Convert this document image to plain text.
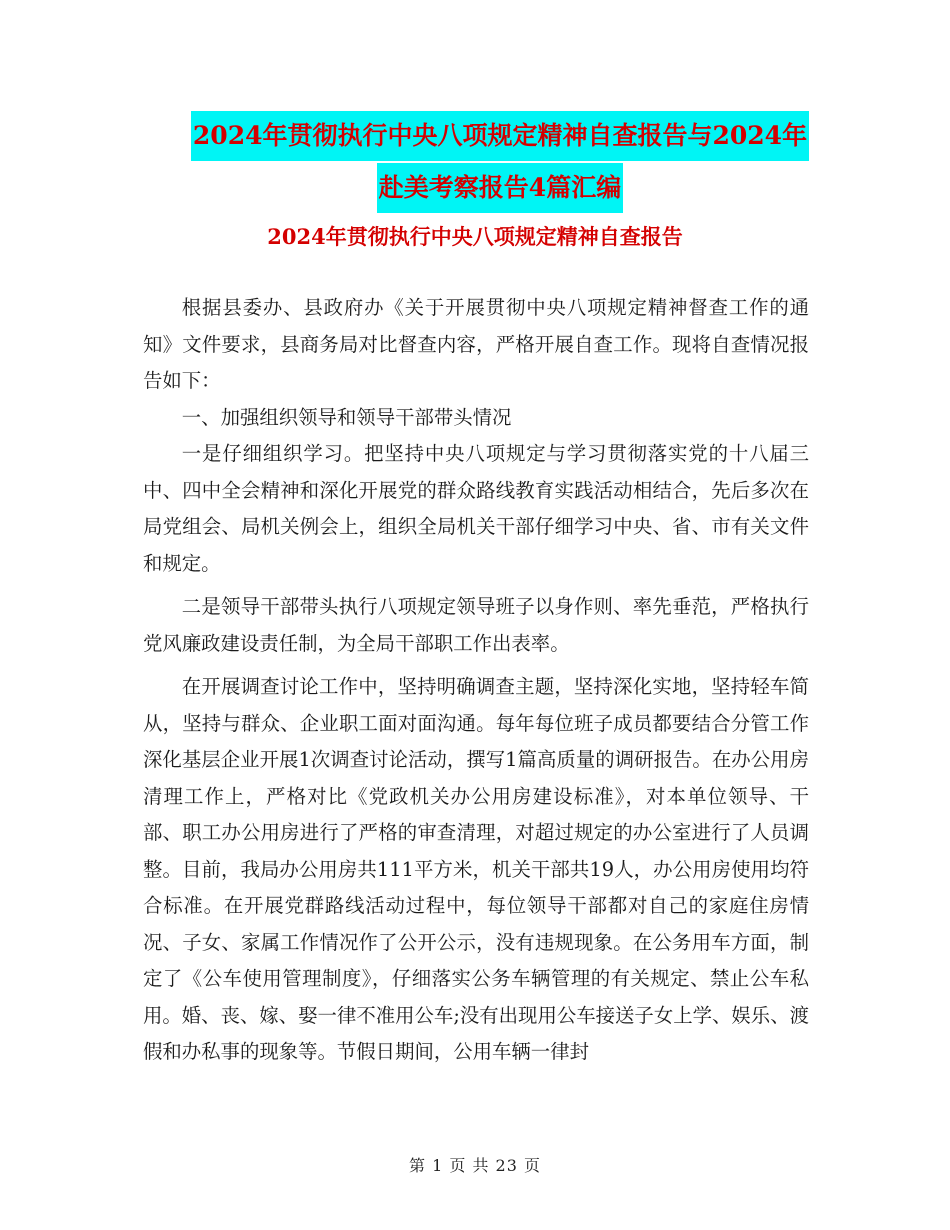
2024年贯彻执行中央八项规定精神自查报告与2024年
赴美考察报告4篇汇编
2024年贯彻执行中央八项规定精神自查报告

根据县委办、县政府办《关于开展贯彻中央八项规定精神督查工作的通知》文件要求，县商务局对比督查内容，严格开展自查工作。现将自查情况报告如下：

一、加强组织领导和领导干部带头情况

一是仔细组织学习。把坚持中央八项规定与学习贯彻落实党的十八届三中、四中全会精神和深化开展党的群众路线教育实践活动相结合，先后多次在局党组会、局机关例会上，组织全局机关干部仔细学习中央、省、市有关文件和规定。

二是领导干部带头执行八项规定领导班子以身作则、率先垂范，严格执行党风廉政建设责任制，为全局干部职工作出表率。

在开展调查讨论工作中，坚持明确调查主题，坚持深化实地，坚持轻车简从，坚持与群众、企业职工面对面沟通。每年每位班子成员都要结合分管工作深化基层企业开展1次调查讨论活动，撰写1篇高质量的调研报告。在办公用房清理工作上，严格对比《党政机关办公用房建设标准》，对本单位领导、干部、职工办公用房进行了严格的审查清理，对超过规定的办公室进行了人员调整。目前，我局办公用房共111平方米，机关干部共19人，办公用房使用均符合标准。在开展党群路线活动过程中，每位领导干部都对自己的家庭住房情况、子女、家属工作情况作了公开公示，没有违规现象。在公务用车方面，制定了《公车使用管理制度》，仔细落实公务车辆管理的有关规定、禁止公车私用。婚、丧、嫁、娶一律不准用公车;没有出现用公车接送子女上学、娱乐、渡假和办私事的现象等。节假日期间，公用车辆一律封

第 1 页 共 23 页
